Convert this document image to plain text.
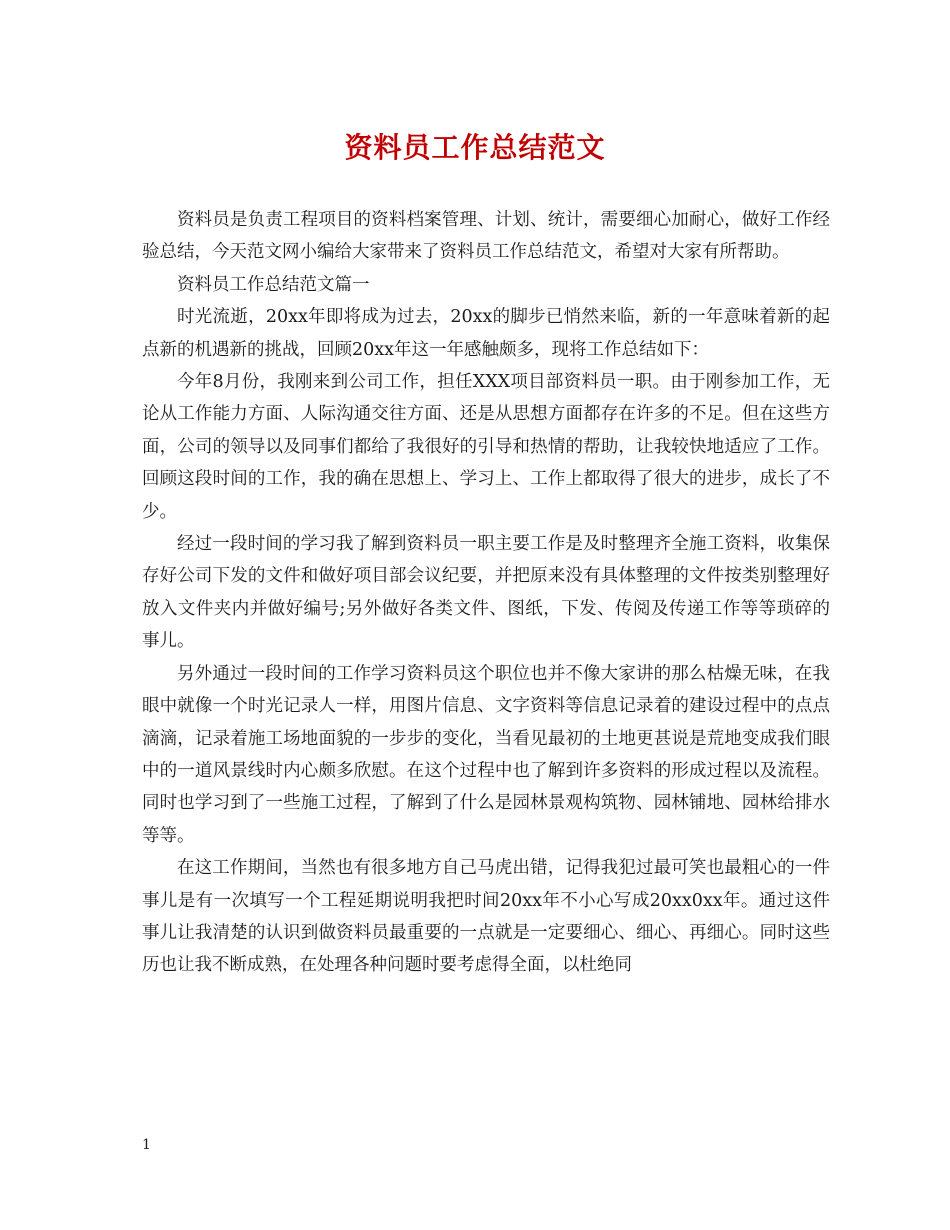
资料员工作总结范文

资料员是负责工程项目的资料档案管理、计划、统计，需要细心加耐心，做好工作经验总结，今天范文网小编给大家带来了资料员工作总结范文，希望对大家有所帮助。

资料员工作总结范文篇一

时光流逝，20xx年即将成为过去，20xx的脚步已悄然来临，新的一年意味着新的起点新的机遇新的挑战，回顾20xx年这一年感触颇多，现将工作总结如下：

今年8月份，我刚来到公司工作，担任XXX项目部资料员一职。由于刚参加工作，无论从工作能力方面、人际沟通交往方面、还是从思想方面都存在许多的不足。但在这些方面，公司的领导以及同事们都给了我很好的引导和热情的帮助，让我较快地适应了工作。回顾这段时间的工作，我的确在思想上、学习上、工作上都取得了很大的进步，成长了不少。

经过一段时间的学习我了解到资料员一职主要工作是及时整理齐全施工资料，收集保存好公司下发的文件和做好项目部会议纪要，并把原来没有具体整理的文件按类别整理好放入文件夹内并做好编号;另外做好各类文件、图纸，下发、传阅及传递工作等等琐碎的事儿。

另外通过一段时间的工作学习资料员这个职位也并不像大家讲的那么枯燥无味，在我眼中就像一个时光记录人一样，用图片信息、文字资料等信息记录着的建设过程中的点点滴滴，记录着施工场地面貌的一步步的变化，当看见最初的土地更甚说是荒地变成我们眼中的一道风景线时内心颇多欣慰。在这个过程中也了解到许多资料的形成过程以及流程。同时也学习到了一些施工过程，了解到了什么是园林景观构筑物、园林铺地、园林给排水等等。

在这工作期间，当然也有很多地方自己马虎出错，记得我犯过最可笑也最粗心的一件事儿是有一次填写一个工程延期说明我把时间20xx年不小心写成20xx0xx年。通过这件事儿让我清楚的认识到做资料员最重要的一点就是一定要细心、细心、再细心。同时这些历也让我不断成熟，在处理各种问题时要考虑得全面，以杜绝同

1
